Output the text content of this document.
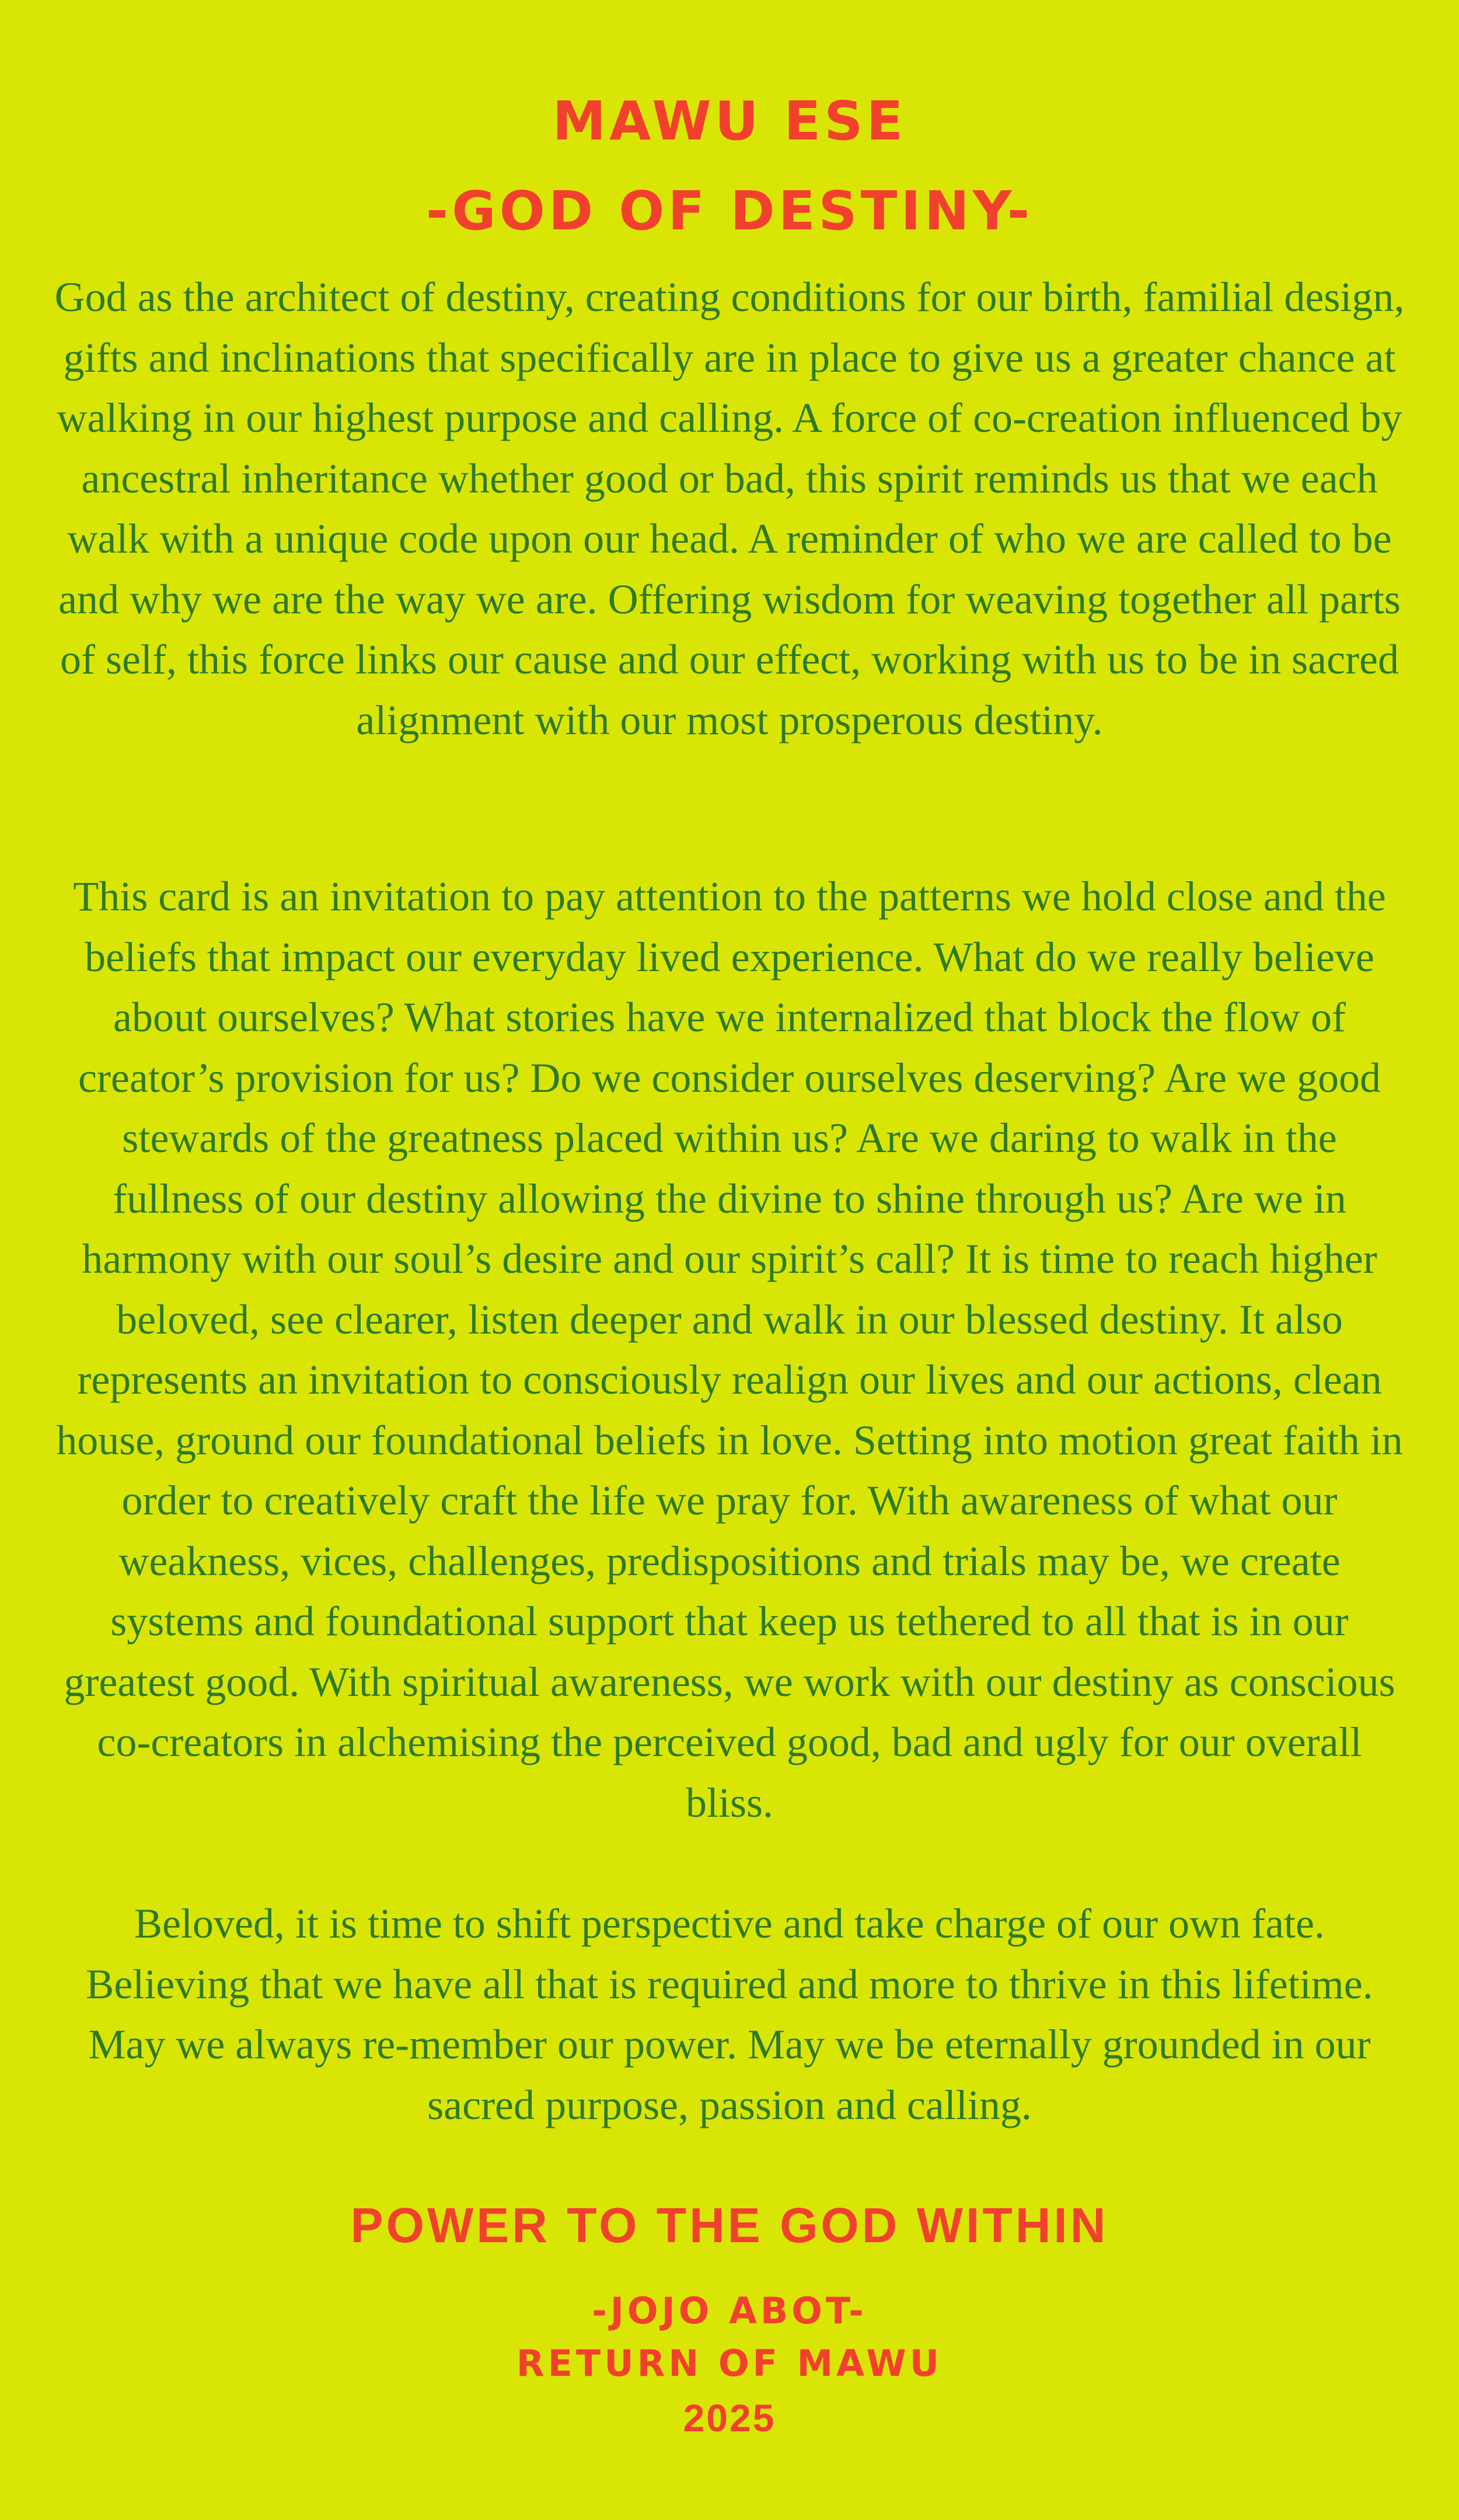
MAWU ESE
-GOD OF DESTINY-

God as the architect of destiny, creating conditions for our birth, familial design, gifts and inclinations that specifically are in place to give us a greater chance at walking in our highest purpose and calling. A force of co-creation influenced by ancestral inheritance whether good or bad, this spirit reminds us that we each walk with a unique code upon our head. A reminder of who we are called to be and why we are the way we are. Offering wisdom for weaving together all parts of self, this force links our cause and our effect, working with us to be in sacred alignment with our most prosperous destiny.

This card is an invitation to pay attention to the patterns we hold close and the beliefs that impact our everyday lived experience. What do we really believe about ourselves? What stories have we internalized that block the flow of creator’s provision for us? Do we consider ourselves deserving? Are we good stewards of the greatness placed within us? Are we daring to walk in the fullness of our destiny allowing the divine to shine through us? Are we in harmony with our soul’s desire and our spirit’s call? It is time to reach higher beloved, see clearer, listen deeper and walk in our blessed destiny. It also represents an invitation to consciously realign our lives and our actions, clean house, ground our foundational beliefs in love. Setting into motion great faith in order to creatively craft the life we pray for. With awareness of what our weakness, vices, challenges, predispositions and trials may be, we create systems and foundational support that keep us tethered to all that is in our greatest good. With spiritual awareness, we work with our destiny as conscious co-creators in alchemising the perceived good, bad and ugly for our overall bliss.

Beloved, it is time to shift perspective and take charge of our own fate. Believing that we have all that is required and more to thrive in this lifetime. May we always re-member our power. May we be eternally grounded in our sacred purpose, passion and calling.

POWER TO THE GOD WITHIN
-JOJO ABOT-
RETURN OF MAWU
2025
